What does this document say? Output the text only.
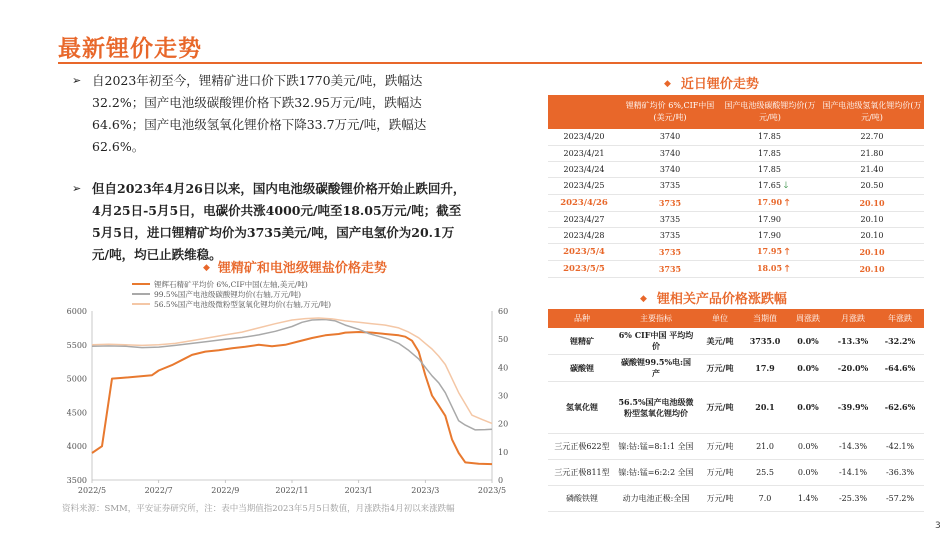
最新锂价走势
➢ 自2023年初至今，锂精矿进口价下跌1770美元/吨，跌幅达32.2%；国产电池级碳酸锂价格下跌32.95万元/吨，跌幅达64.6%；国产电池级氢氧化锂价格下降33.7万元/吨，跌幅达62.6%。
➢ 但自2023年4月26日以来，国内电池级碳酸锂价格开始止跌回升，4月25日-5月5日，电碳价共涨4000元/吨至18.05万元/吨；截至5月5日，进口锂精矿均价为3735美元/吨，国产电氢价为20.1万元/吨，均已止跌维稳。
◆ 近日锂价走势
	锂精矿均价 6%,CIF中国(美元/吨)	国产电池级碳酸锂均价(万元/吨)	国产电池级氢氧化锂均价(万元/吨)
2023/4/20	3740	17.85	22.70
2023/4/21	3740	17.85	21.80
2023/4/24	3740	17.85	21.40
2023/4/25	3735	17.65 🡓	20.50
2023/4/26	3735	17.90 🡑	20.10
2023/4/27	3735	17.90	20.10
2023/4/28	3735	17.90	20.10
2023/5/4	3735	17.95 🡑	20.10
2023/5/5	3735	18.05 🡑	20.10
◆ 锂相关产品价格涨跌幅
品种	主要指标	单位	当期值	周涨跌	月涨跌	年涨跌
锂精矿	6% CIF中国 平均均价	美元/吨	3735.0	0.0%	-13.3%	-32.2%
碳酸锂	碳酸锂99.5%电:国产	万元/吨	17.9	0.0%	-20.0%	-64.6%
氢氧化锂	56.5%国产电池级微粉型氢氧化锂均价	万元/吨	20.1	0.0%	-39.9%	-62.6%
三元正极622型	镍:钴:锰=8:1:1 全国	万元/吨	21.0	0.0%	-14.3%	-42.1%
三元正极811型	镍:钴:锰=6:2:2 全国	万元/吨	25.5	0.0%	-14.1%	-36.3%
磷酸铁锂	动力电池正极:全国	万元/吨	7.0	1.4%	-25.3%	-57.2%
◆ 锂精矿和电池级锂盐价格走势
3500
4000
4500
5000
5500
6000
0
10
20
30
40
50
60
2022/5	2022/7	2022/9	2022/11	2023/1	2023/3	2023/5
锂辉石精矿平均价 6%,CIF中国(左轴,美元/吨)
99.5%国产电池级碳酸锂均价(右轴,万元/吨)
56.5%国产电池级微粉型氢氧化锂均价(右轴,万元/吨)
资料来源：SMM，平安证券研究所，注：表中当期值指2023年5月5日数值，月涨跌指4月初以来涨跌幅
3
